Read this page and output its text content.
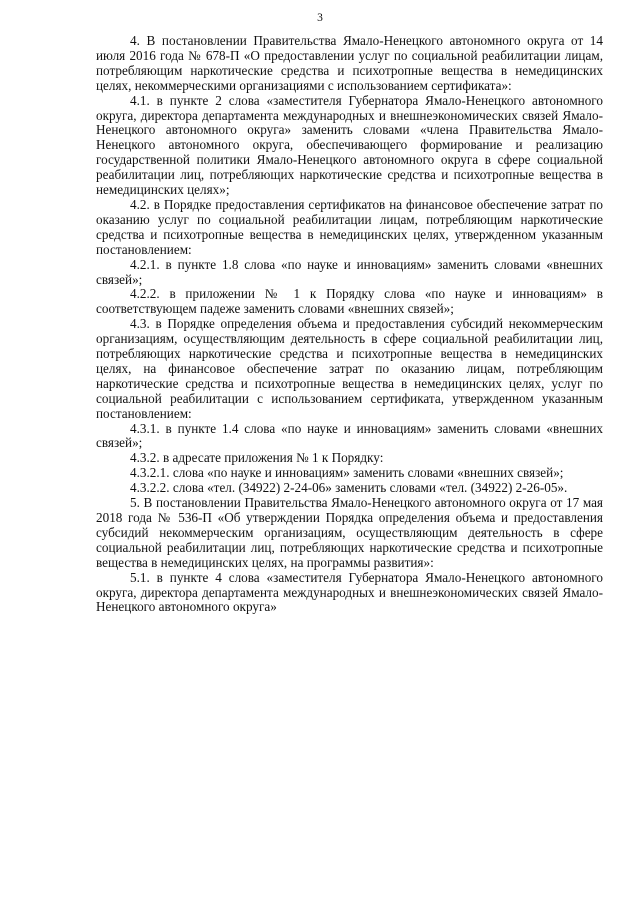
3

4. В постановлении Правительства Ямало-Ненецкого автономного округа от 14 июля 2016 года № 678-П «О предоставлении услуг по социальной реабилитации лицам, потребляющим наркотические средства и психотропные вещества в немедицинских целях, некоммерческими организациями с использованием сертификата»:

4.1. в пункте 2 слова «заместителя Губернатора Ямало-Ненецкого автономного округа, директора департамента международных и внешнеэкономических связей Ямало-Ненецкого автономного округа» заменить словами «члена Правительства Ямало-Ненецкого автономного округа, обеспечивающего формирование и реализацию государственной политики Ямало-Ненецкого автономного округа в сфере социальной реабилитации лиц, потребляющих наркотические средства и психотропные вещества в немедицинских целях»;

4.2. в Порядке предоставления сертификатов на финансовое обеспечение затрат по оказанию услуг по социальной реабилитации лицам, потребляющим наркотические средства и психотропные вещества в немедицинских целях, утвержденном указанным постановлением:

4.2.1. в пункте 1.8 слова «по науке и инновациям» заменить словами «внешних связей»;

4.2.2. в приложении № 1 к Порядку слова «по науке и инновациям» в соответствующем падеже заменить словами «внешних связей»;

4.3. в Порядке определения объема и предоставления субсидий некоммерческим организациям, осуществляющим деятельность в сфере социальной реабилитации лиц, потребляющих наркотические средства и психотропные вещества в немедицинских целях, на финансовое обеспечение затрат по оказанию лицам, потребляющим наркотические средства и психотропные вещества в немедицинских целях, услуг по социальной реабилитации с использованием сертификата, утвержденном указанным постановлением:

4.3.1. в пункте 1.4 слова «по науке и инновациям» заменить словами «внешних связей»;

4.3.2. в адресате приложения № 1 к Порядку:

4.3.2.1. слова «по науке и инновациям» заменить словами «внешних связей»;

4.3.2.2. слова «тел. (34922) 2-24-06» заменить словами «тел. (34922) 2-26-05».

5. В постановлении Правительства Ямало-Ненецкого автономного округа от 17 мая 2018 года № 536-П «Об утверждении Порядка определения объема и предоставления субсидий некоммерческим организациям, осуществляющим деятельность в сфере социальной реабилитации лиц, потребляющих наркотические средства и психотропные вещества в немедицинских целях, на программы развития»:

5.1. в пункте 4 слова «заместителя Губернатора Ямало-Ненецкого автономного округа, директора департамента международных и внешнеэкономических связей Ямало-Ненецкого автономного округа»
